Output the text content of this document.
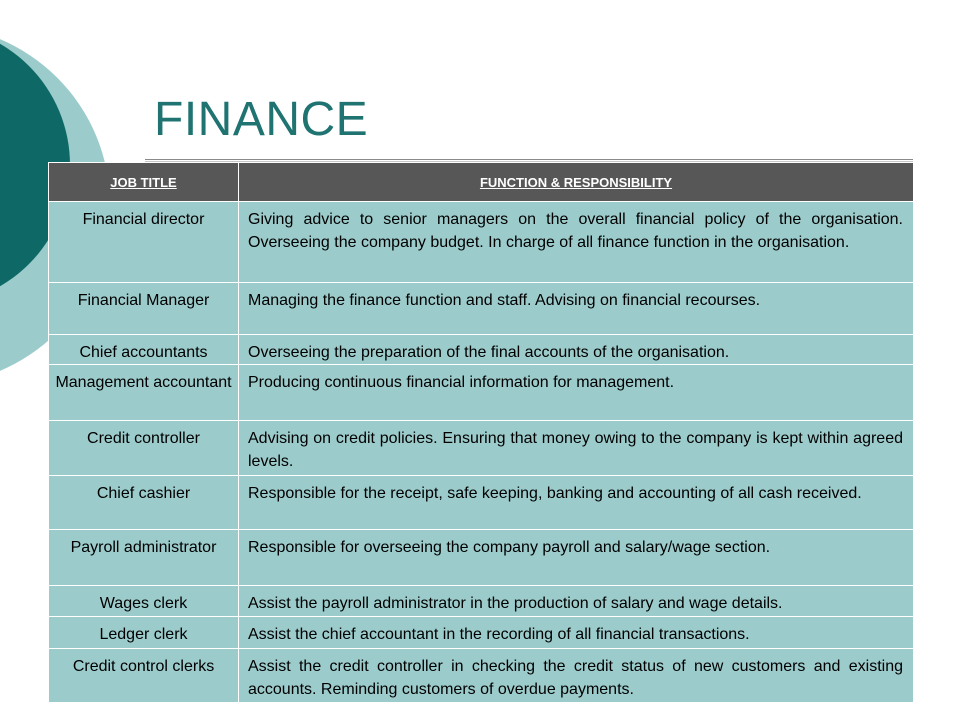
FINANCE
JOB TITLE	FUNCTION & RESPONSIBILITY
Financial director	Giving advice to senior managers on the overall financial policy of the organisation. Overseeing the company budget. In charge of all finance function in the organisation.
Financial Manager	Managing the finance function and staff. Advising on financial recourses.
Chief accountants	Overseeing the preparation of the final accounts of the organisation.
Management accountant	Producing continuous financial information for management.
Credit controller	Advising on credit policies. Ensuring that money owing to the company is kept within agreed levels.
Chief cashier	Responsible for the receipt, safe keeping, banking and accounting of all cash received.
Payroll administrator	Responsible for overseeing the company payroll and salary/wage section.
Wages clerk	Assist the payroll administrator in the production of salary and wage details.
Ledger clerk	Assist the chief accountant in the recording of all financial transactions.
Credit control clerks	Assist the credit controller in checking the credit status of new customers and existing accounts. Reminding customers of overdue payments.
